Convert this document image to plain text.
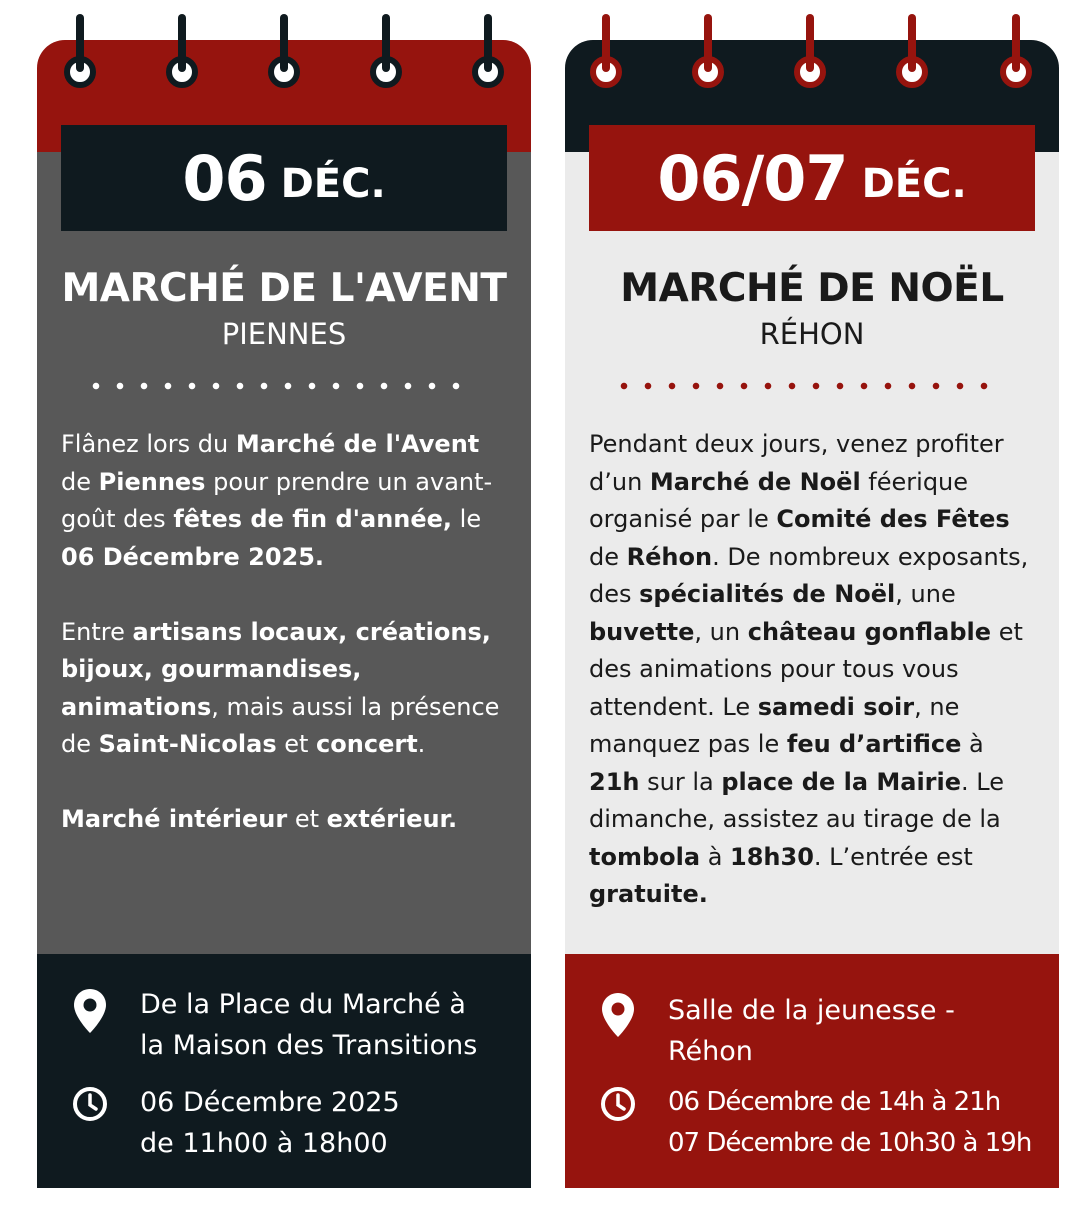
06 DÉC.
MARCHÉ DE L'AVENT
PIENNES

Flânez lors du Marché de l'Avent de Piennes pour prendre un avant-goût des fêtes de fin d'année, le 06 Décembre 2025.

Entre artisans locaux, créations, bijoux, gourmandises, animations, mais aussi la présence de Saint-Nicolas et concert.

Marché intérieur et extérieur.

De la Place du Marché à
la Maison des Transitions
06 Décembre 2025
de 11h00 à 18h00
06/07 DÉC.
MARCHÉ DE NOËL
RÉHON

Pendant deux jours, venez profiter d’un Marché de Noël féerique organisé par le Comité des Fêtes de Réhon. De nombreux exposants, des spécialités de Noël, une buvette, un château gonflable et des animations pour tous vous attendent. Le samedi soir, ne manquez pas le feu d’artifice à 21h sur la place de la Mairie. Le dimanche, assistez au tirage de la tombola à 18h30. L’entrée est gratuite.

Salle de la jeunesse -
Réhon
06 Décembre de 14h à 21h
07 Décembre de 10h30 à 19h
